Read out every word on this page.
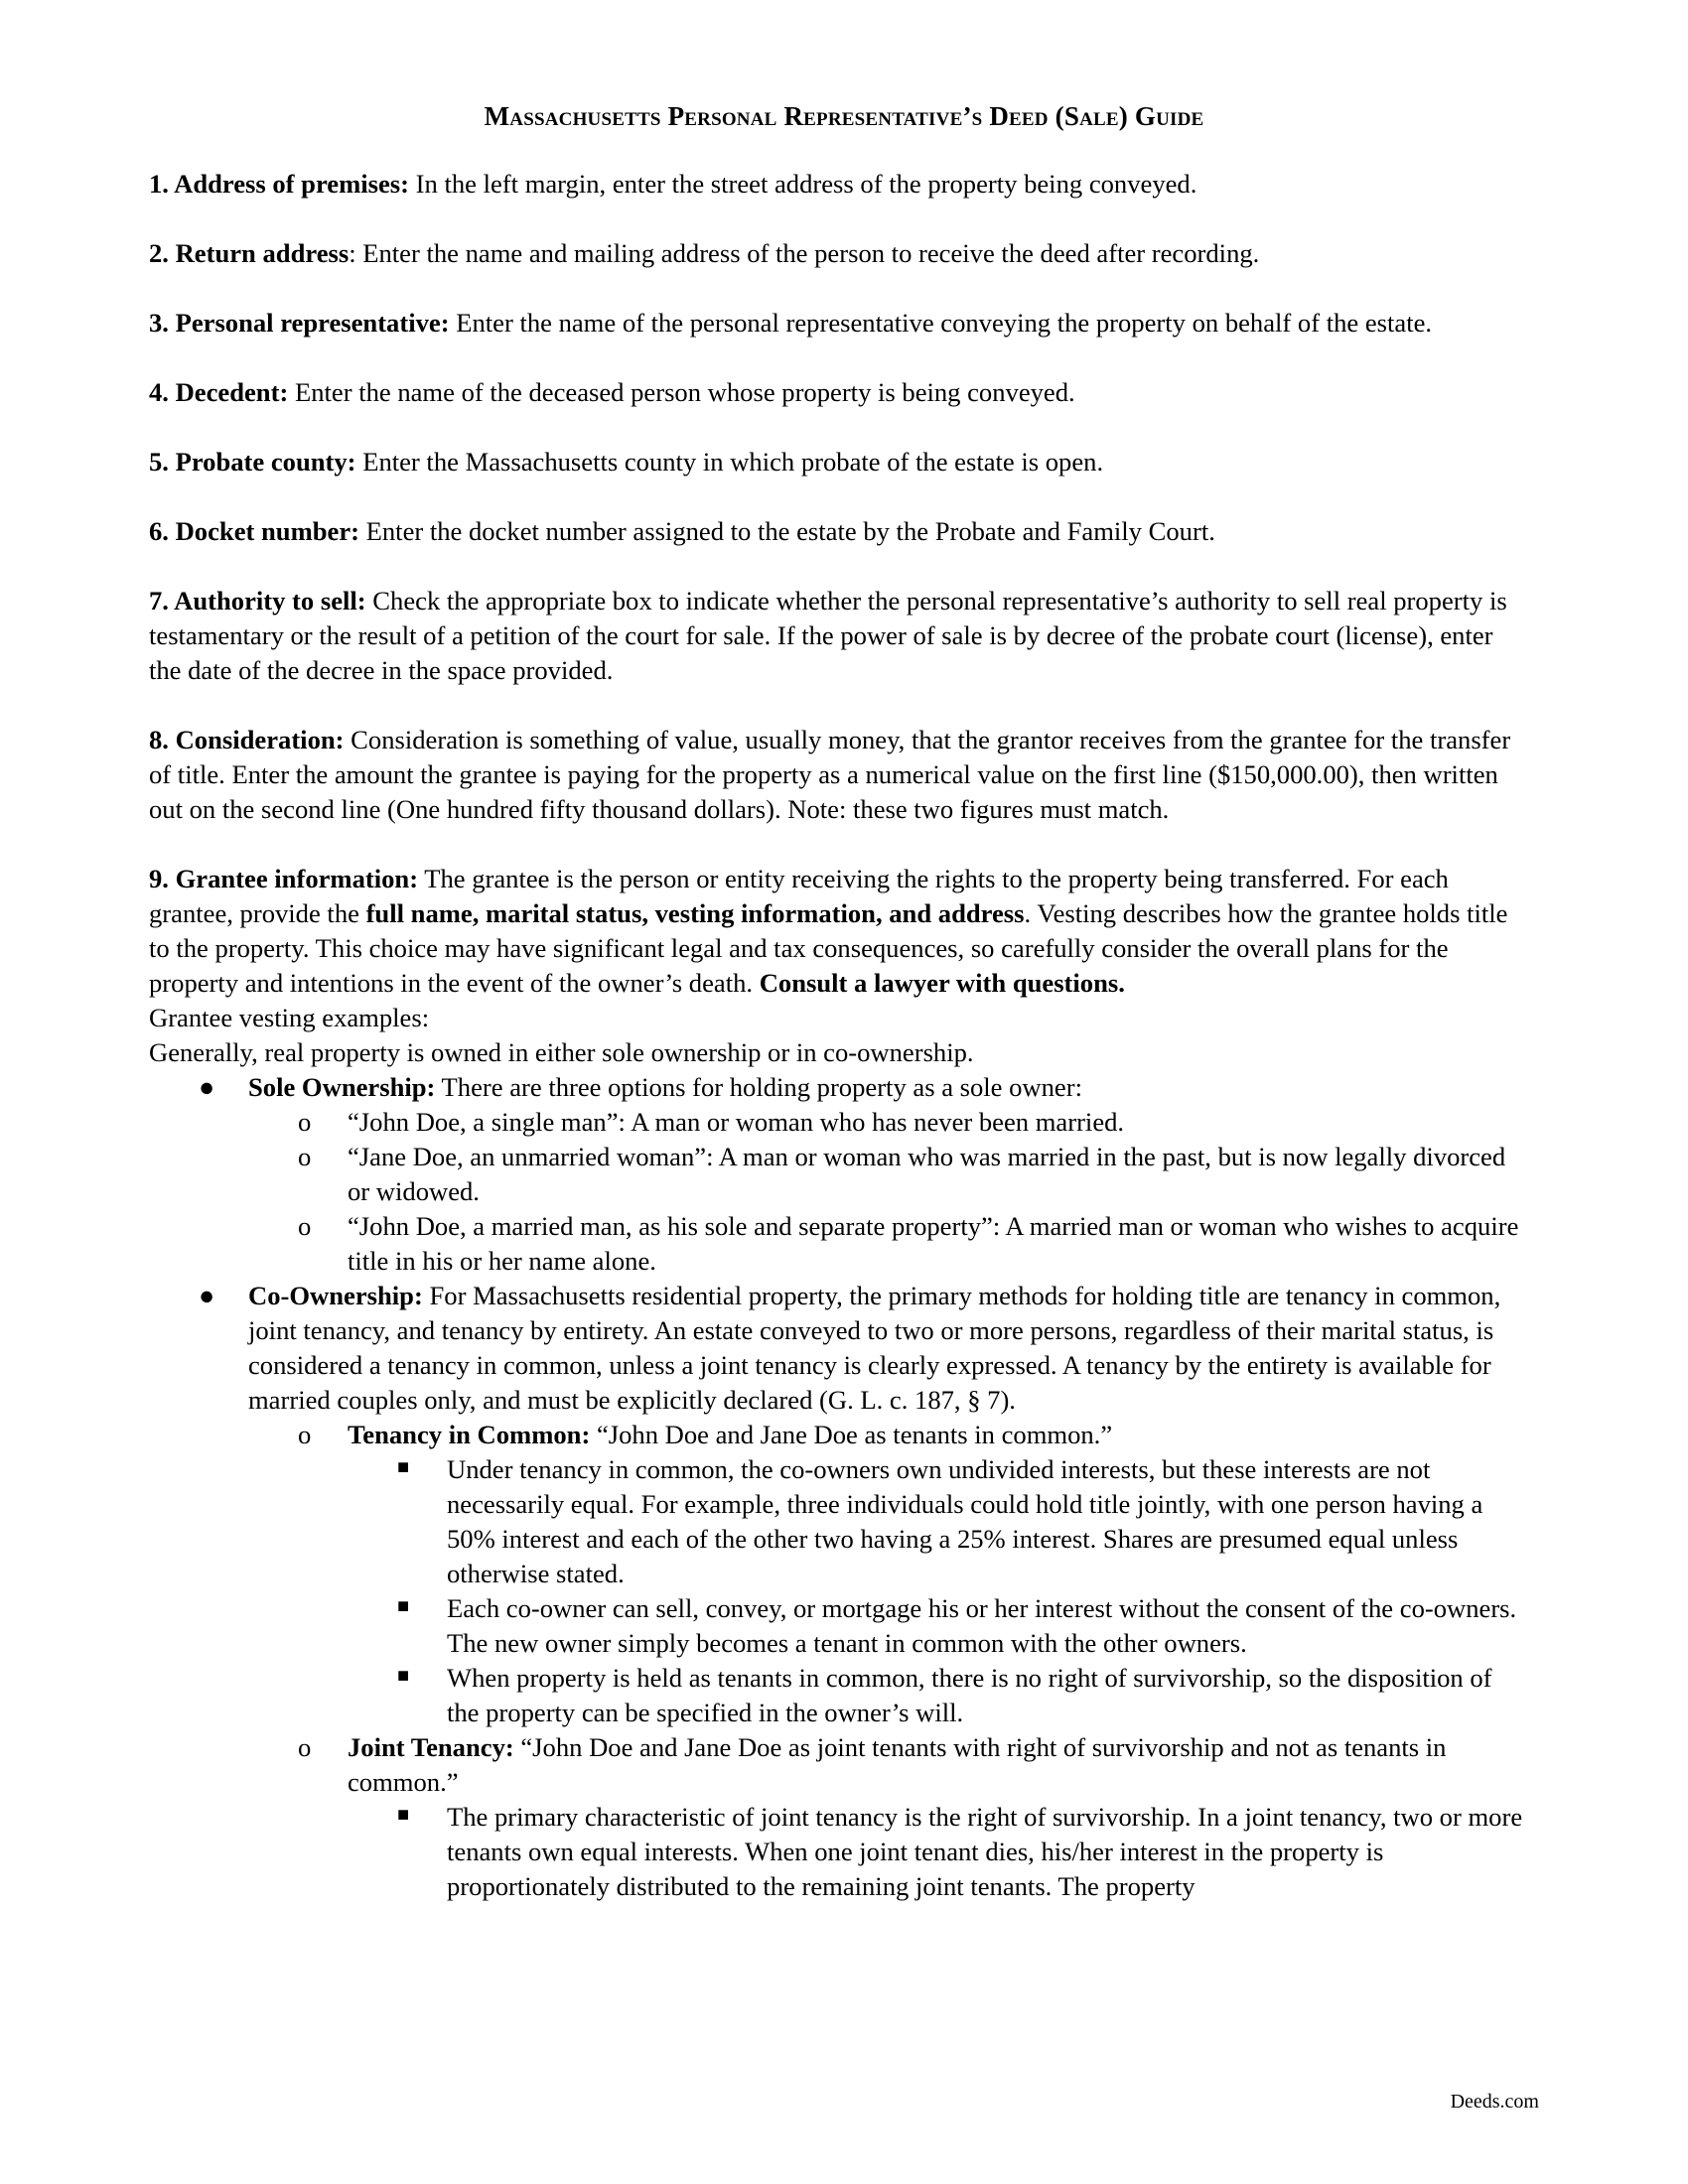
Massachusetts Personal Representative’s Deed (Sale) Guide

1. Address of premises: In the left margin, enter the street address of the property being conveyed.

2. Return address: Enter the name and mailing address of the person to receive the deed after recording.

3. Personal representative: Enter the name of the personal representative conveying the property on behalf of the estate.

4. Decedent: Enter the name of the deceased person whose property is being conveyed.

5. Probate county: Enter the Massachusetts county in which probate of the estate is open.

6. Docket number: Enter the docket number assigned to the estate by the Probate and Family Court.

7. Authority to sell: Check the appropriate box to indicate whether the personal representative’s authority to sell real property is testamentary or the result of a petition of the court for sale. If the power of sale is by decree of the probate court (license), enter the date of the decree in the space provided.

8. Consideration: Consideration is something of value, usually money, that the grantor receives from the grantee for the transfer of title. Enter the amount the grantee is paying for the property as a numerical value on the first line ($150,000.00), then written out on the second line (One hundred fifty thousand dollars). Note: these two figures must match.

9. Grantee information: The grantee is the person or entity receiving the rights to the property being transferred. For each grantee, provide the full name, marital status, vesting information, and address. Vesting describes how the grantee holds title to the property. This choice may have significant legal and tax consequences, so carefully consider the overall plans for the property and intentions in the event of the owner’s death. Consult a lawyer with questions.

Grantee vesting examples:

Generally, real property is owned in either sole ownership or in co-ownership.

● Sole Ownership: There are three options for holding property as a sole owner:
o “John Doe, a single man”: A man or woman who has never been married.
o “Jane Doe, an unmarried woman”: A man or woman who was married in the past, but is now legally divorced or widowed.
o “John Doe, a married man, as his sole and separate property”: A married man or woman who wishes to acquire title in his or her name alone.
● Co-Ownership: For Massachusetts residential property, the primary methods for holding title are tenancy in common, joint tenancy, and tenancy by entirety. An estate conveyed to two or more persons, regardless of their marital status, is considered a tenancy in common, unless a joint tenancy is clearly expressed. A tenancy by the entirety is available for married couples only, and must be explicitly declared (G. L. c. 187, § 7).
o Tenancy in Common: “John Doe and Jane Doe as tenants in common.”
■ Under tenancy in common, the co-owners own undivided interests, but these interests are not necessarily equal. For example, three individuals could hold title jointly, with one person having a 50% interest and each of the other two having a 25% interest. Shares are presumed equal unless otherwise stated.
■ Each co-owner can sell, convey, or mortgage his or her interest without the consent of the co-owners. The new owner simply becomes a tenant in common with the other owners.
■ When property is held as tenants in common, there is no right of survivorship, so the disposition of the property can be specified in the owner’s will.
o Joint Tenancy: “John Doe and Jane Doe as joint tenants with right of survivorship and not as tenants in common.”
■ The primary characteristic of joint tenancy is the right of survivorship. In a joint tenancy, two or more tenants own equal interests. When one joint tenant dies, his/her interest in the property is proportionately distributed to the remaining joint tenants. The property
Deeds.com
